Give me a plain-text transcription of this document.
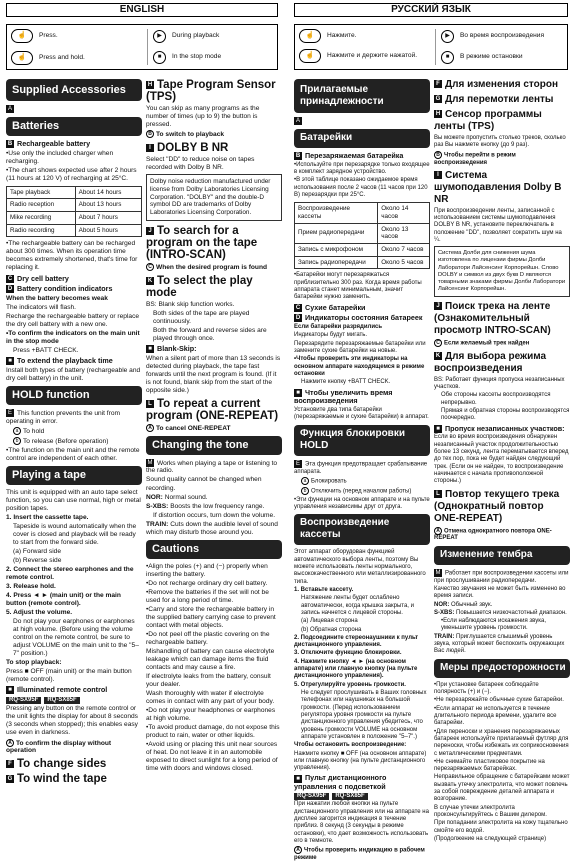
ENGLISH
☝	Press.
☝	Press and hold.
▶	During playback
■	In the stop mode
Supplied Accessories
A
Batteries
B Rechargeable battery

•Use only the included charger when recharging.

•The chart shows expected use after 2 hours (11 hours at 120 V) of recharging at 25°C.

Tape playback	About 14 hours
Radio reception	About 13 hours
Mike recording	About 7 hours
Radio recording	About 5 hours

•The rechargeable battery can be recharged about 300 times. When its operation time becomes extremely shortened, that's time for replacing it.

C Dry cell battery
D Battery condition indicators

When the battery becomes weak

The indicators will flash.

Recharge the rechargeable battery or replace the dry cell battery with a new one.

•To confirm the indicators on the main unit in the stop mode

Press +BATT CHECK.

■ To extend the playback time

Install both types of battery (rechargeable and dry cell battery) in the unit.

HOLD function

E This function prevents the unit from operating in error.

a To hold

b To release (Before operation)

•The function on the main unit and the remote control are independent of each other.

Playing a tape

This unit is equipped with an auto tape select function, so you can use normal, high or metal position tapes.

1. Insert the cassette tape.

Tapeside is wound automatically when the cover is closed and playback will be ready to start from the forward side.

(a) Forward side

(b) Reverse side

2. Connect the stereo earphones and the remote control.

3. Release hold.

4. Press ◄ ► (main unit) or the main button (remote control).

5. Adjust the volume.

Do not play your earphones or earphones at high volume. (Before using the volume control on the remote control, be sure to adjust VOLUME on the main unit to the "5–7" position.)

To stop playback:

Press ■ OFF (main unit) or the main button (remote control).

■ Illuminated remote control

RQ-SX95F RQ-SX85F

Pressing any button on the remote control or the unit lights the display for about 8 seconds (3 seconds when stopped); this enables easy use even in darkness.

A To confirm the display without operation

F To change sides
G To wind the tape
H Tape Program Sensor (TPS)

You can skip as many programs as the number of times (up to 9) the button is pressed.

B To switch to playback

I DOLBY B NR

Select "DD" to reduce noise on tapes recorded with Dolby B NR.

Dolby noise reduction manufactured under license from Dolby Laboratories Licensing Corporation. "DOLBY" and the double-D symbol DD are trademarks of Dolby Laboratories Licensing Corporation.
J To search for a program on the tape (INTRO-SCAN)

C When the desired program is found

K To select the play mode

BS: Blank skip function works.

Both sides of the tape are played continuously.

Both the forward and reverse sides are played through once.

■ Blank-Skip:

When a silent part of more than 13 seconds is detected during playback, the tape fast forwards until the next program is found. (If it is not found, blank skip from the start of the opposite side.)

L To repeat a current program (ONE-REPEAT)

A To cancel ONE-REPEAT

Changing the tone

M Works when playing a tape or listening to the radio.

Sound quality cannot be changed when recording.

NOR: Normal sound.

S-XBS: Boosts the low frequency range.

If distortion occurs, turn down the volume.

TRAIN: Cuts down the audible level of sound which may disturb those around you.

Cautions

•Align the poles (+) and (−) properly when inserting the battery.

•Do not recharge ordinary dry cell battery.

•Remove the batteries if the set will not be used for a long period of time.

•Carry and store the rechargeable battery in the supplied battery carrying case to prevent contact with metal objects.

•Do not peel off the plastic covering on the rechargeable battery.

Mishandling of battery can cause electrolyte leakage which can damage items the fluid contacts and may cause a fire.

If electrolyte leaks from the battery, consult your dealer.

Wash thoroughly with water if electrolyte comes in contact with any part of your body.

•Do not play your headphones or earphones at high volume.

•To avoid product damage, do not expose this product to rain, water or other liquids.

•Avoid using or placing this unit near sources of heat. Do not leave it in an automobile exposed to direct sunlight for a long period of time with doors and windows closed.

РУССКИЙ ЯЗЫК
☝	Нажмите.
☝	Нажмите и держите нажатой.
▶	Во время воспроизведения
■	В режиме остановки
Прилагаемые принадлежности
A
Батарейки
B Перезаряжаемая батарейка

•Используйте при перезарядке только входящее в комплект зарядное устройство.

•В этой таблице показано ожидаемое время использования после 2 часов (11 часов при 120 В) перезарядки при 25°C.

Воспроизведение кассеты	Около 14 часов
Прием радиопередачи	Около 13 часов
Запись с микрофоном	Около 7 часов
Запись радиопередачи	Около 5 часов

•Батарейки могут перезаряжаться приблизительно 300 раз. Когда время работы аппарата станет минимальным, значит батарейки нужно заменить.

C Сухие батарейки
D Индикаторы состояния батареек

Если батарейки разрядились

Индикаторы будут мигать.

Перезарядите перезаряжаемые батарейки или замените сухие батарейки на новые.

•Чтобы проверить эти индикаторы на основном аппарате находящемся в режиме остановки

Нажмите кнопку +BATT CHECK.

■ Чтобы увеличить время воспроизведения

Установите два типа батарейки (перезаряжаемые и сухие батарейки) в аппарат.

Функция блокировки HOLD

E Эта функция предотвращает срабатывание аппарата.

a Блокировать

b Отключить (перед началом работы)

•Эти функции на основном аппарате и на пульте управления независимы друг от друга.

Воспроизведение кассеты

Этот аппарат оборудован функцией автоматического выбора ленты, поэтому Вы можете использовать ленты нормального, высококачественного или металлизированного типа.

1. Вставьте кассету.

Натяжение ленты будет ослаблено автоматически, когда крышка закрыта, и запись начнется с лицевой стороны.

(a) Лицевая сторона

(b) Обратная сторона

2. Подсоедините стереонаушники к пульт дистанционного управления.

3. Отключите функцию блокировки.

4. Нажмите кнопку ◄ ► (на основном аппарате) или главную кнопку (на пульте дистанционного управления).

5. Отрегулируйте уровень громкости.

Не следует прослушивать в Ваших головных телефонах или наушниках на большой громкости. (Перед использованием регулятора уровня громкости на пульте дистанционного управления убедитесь, что уровень громкости VOLUME на основном аппарате установлен в положение "5–7".)

Чтобы остановить воспроизведение:

Нажмите кнопку ■ OFF (на основном аппарате) или главную кнопку (на пульте дистанционного управления).

■ Пульт дистанционного управления с подсветкой

RQ-SX95F RQ-SX85F

При нажатии любой кнопки на пульте дистанционного управления или на аппарате на дисплее загорится индикация в течение приблиз. 8 секунд (3 секунды в режиме остановки), что дает возможность использовать его в темноте.

A Чтобы проверить индикацию в рабочем режиме

F Для изменения сторон
G Для перемотки ленты
H Сенсор программы ленты (TPS)

Вы можете пропустить столько треков, сколько раз Вы нажмете кнопку (до 9 раз).

B Чтобы перейти в режим воспроизведения

I Система шумоподавления Dolby B NR

При воспроизведении ленты, записанной с использованием системы шумоподавления DOLBY B NR, установите переключатель в положение "DD", позволяет сократить шум на ¼.

Система Долби для снижения шума изготовлена по лицензии фирмы Долби Лаборатори Лайсенсинг Корпорейшн. Слово DOLBY и символ из двух букв D являются товарными знаками фирмы Долби Лаборатори Лайсенсинг Корпорейшн.
J Поиск трека на ленте (Ознакомительный просмотр INTRO-SCAN)

C Если желаемый трек найден

K Для выбора режима воспроизведения

BS: Работает функция пропуска незаписанных участков.

Обе стороны кассеты воспроизводятся непрерывно.

Прямая и обратная стороны воспроизводятся поочередно.

■ Пропуск незаписанных участков:

Если во время воспроизведения обнаружен незаписанный участок продолжительностью более 13 секунд, лента перематывается вперед до тех пор, пока не будет найден следующий трек. (Если он не найден, то воспроизведение начинается с начала противоположной стороны.)

L Повтор текущего трека (Однократный повтор ONE-REPEAT)

A Отмена однократного повтора ONE-REPEAT

Изменение тембра

M Работает при воспроизведении кассеты или при прослушивании радиопередачи.

Качество звучания не может быть изменено во время записи.

NOR: Обычный звук.

S-XBS: Повышается низкочастотный диапазон.

•Если наблюдаются искажения звука, уменьшите уровень громкости.

TRAIN: Приглушается слышимый уровень звука, который может беспокоить окружающих Вас людей.

Меры предосторожности

•При установке батареек соблюдайте полярность (+) и (−).

•Не перезаряжайте обычные сухие батарейки.

•Если аппарат не используется в течение длительного периода времени, удалите все батарейки.

•Для переноски и хранения перезаряжаемых батареек используйте прилагаемый футляр для переноски, чтобы избежать их соприкосновения с металлическими предметами.

•Не снимайте пластиковое покрытие на перезаряжаемых батарейках.

Неправильное обращение с батарейками может вызвать утечку электролита, что может повлечь за собой повреждение деталей аппарата и возгорание.

В случае утечки электролита проконсультируйтесь с Вашим дилером.

При попадании электролита на кожу тщательно смойте его водой.

(Продолжение на следующей странице)
